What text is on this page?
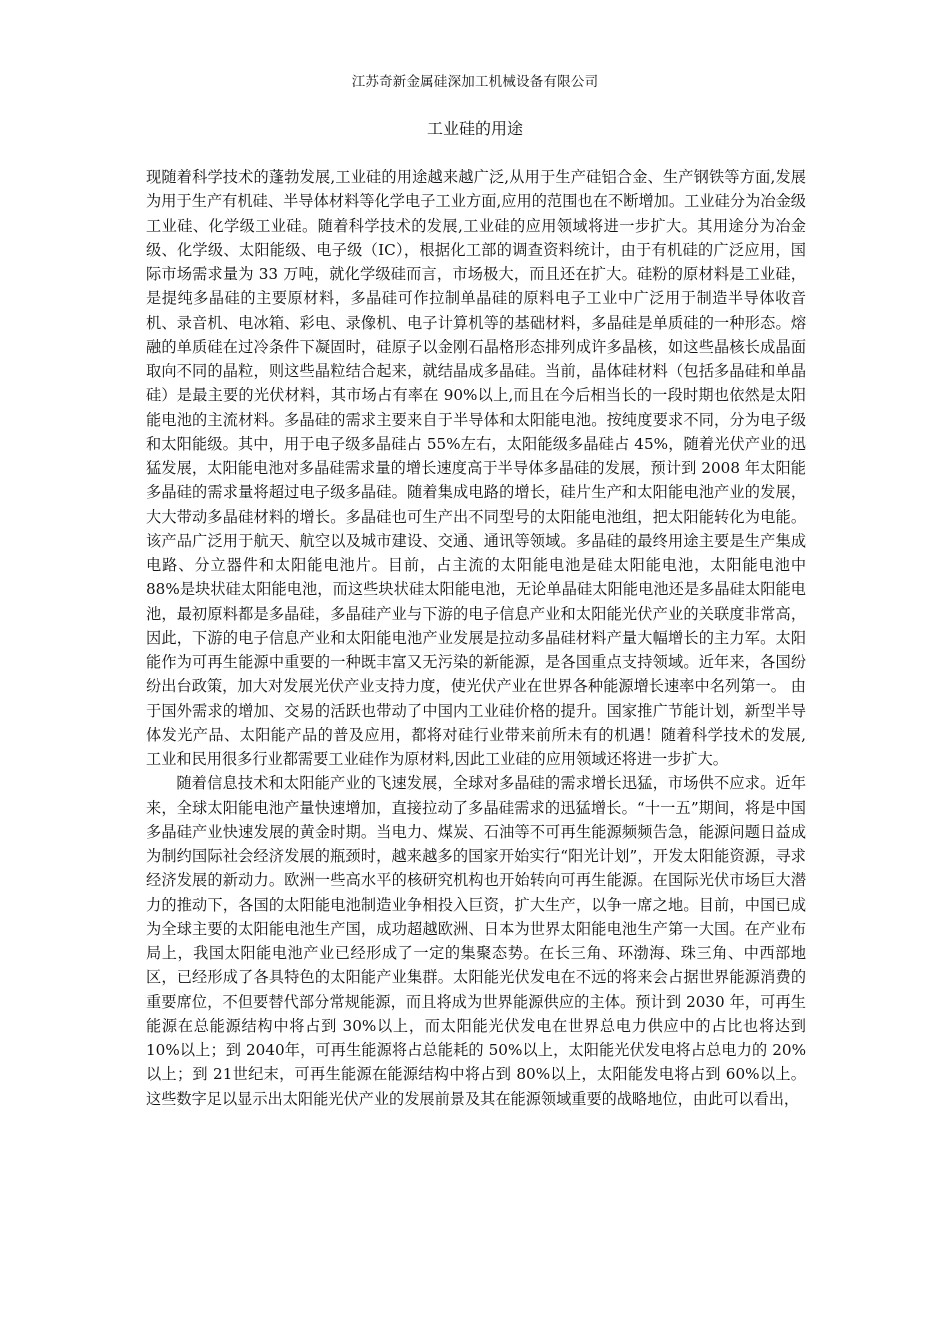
江苏奇新金属硅深加工机械设备有限公司
工业硅的用途

现随着科学技术的蓬勃发展,工业硅的用途越来越广泛,从用于生产硅铝合金、生产钢铁等方面,发展为用于生产有机硅、半导体材料等化学电子工业方面,应用的范围也在不断增加。工业硅分为冶金级工业硅、化学级工业硅。随着科学技术的发展,工业硅的应用领域将进一步扩大。其用途分为冶金级、化学级、太阳能级、电子级（IC），根据化工部的调查资料统计，由于有机硅的广泛应用，国际市场需求量为 33 万吨，就化学级硅而言，市场极大，而且还在扩大。硅粉的原材料是工业硅，是提纯多晶硅的主要原材料，多晶硅可作拉制单晶硅的原料电子工业中广泛用于制造半导体收音机、录音机、电冰箱、彩电、录像机、电子计算机等的基础材料，多晶硅是单质硅的一种形态。熔融的单质硅在过冷条件下凝固时，硅原子以金刚石晶格形态排列成许多晶核，如这些晶核长成晶面取向不同的晶粒，则这些晶粒结合起来，就结晶成多晶硅。当前，晶体硅材料（包括多晶硅和单晶硅）是最主要的光伏材料，其市场占有率在 90%以上,而且在今后相当长的一段时期也依然是太阳能电池的主流材料。多晶硅的需求主要来自于半导体和太阳能电池。按纯度要求不同，分为电子级和太阳能级。其中，用于电子级多晶硅占 55%左右，太阳能级多晶硅占 45%，随着光伏产业的迅猛发展，太阳能电池对多晶硅需求量的增长速度高于半导体多晶硅的发展，预计到 2008 年太阳能多晶硅的需求量将超过电子级多晶硅。随着集成电路的增长，硅片生产和太阳能电池产业的发展，大大带动多晶硅材料的增长。多晶硅也可生产出不同型号的太阳能电池组，把太阳能转化为电能。该产品广泛用于航天、航空以及城市建设、交通、通讯等领域。多晶硅的最终用途主要是生产集成电路、分立器件和太阳能电池片。目前，占主流的太阳能电池是硅太阳能电池，太阳能电池中 88%是块状硅太阳能电池，而这些块状硅太阳能电池，无论单晶硅太阳能电池还是多晶硅太阳能电池，最初原料都是多晶硅，多晶硅产业与下游的电子信息产业和太阳能光伏产业的关联度非常高，因此，下游的电子信息产业和太阳能电池产业发展是拉动多晶硅材料产量大幅增长的主力军。太阳能作为可再生能源中重要的一种既丰富又无污染的新能源，是各国重点支持领域。近年来，各国纷纷出台政策，加大对发展光伏产业支持力度，使光伏产业在世界各种能源增长速率中名列第一。 由于国外需求的增加、交易的活跃也带动了中国内工业硅价格的提升。国家推广节能计划，新型半导体发光产品、太阳能产品的普及应用，都将对硅行业带来前所未有的机遇！随着科学技术的发展, 工业和民用很多行业都需要工业硅作为原材料,因此工业硅的应用领域还将进一步扩大。

随着信息技术和太阳能产业的飞速发展，全球对多晶硅的需求增长迅猛，市场供不应求。近年来，全球太阳能电池产量快速增加，直接拉动了多晶硅需求的迅猛增长。“十一五”期间，将是中国多晶硅产业快速发展的黄金时期。当电力、煤炭、石油等不可再生能源频频告急，能源问题日益成为制约国际社会经济发展的瓶颈时，越来越多的国家开始实行“阳光计划”，开发太阳能资源，寻求经济发展的新动力。欧洲一些高水平的核研究机构也开始转向可再生能源。在国际光伏市场巨大潜力的推动下，各国的太阳能电池制造业争相投入巨资，扩大生产，以争一席之地。目前，中国已成为全球主要的太阳能电池生产国，成功超越欧洲、日本为世界太阳能电池生产第一大国。在产业布局上，我国太阳能电池产业已经形成了一定的集聚态势。在长三角、环渤海、珠三角、中西部地区，已经形成了各具特色的太阳能产业集群。太阳能光伏发电在不远的将来会占据世界能源消费的重要席位，不但要替代部分常规能源，而且将成为世界能源供应的主体。预计到 2030 年，可再生能源在总能源结构中将占到 30%以上，而太阳能光伏发电在世界总电力供应中的占比也将达到 10%以上；到 2040年，可再生能源将占总能耗的 50%以上，太阳能光伏发电将占总电力的 20%以上；到 21世纪末，可再生能源在能源结构中将占到 80%以上，太阳能发电将占到 60%以上。这些数字足以显示出太阳能光伏产业的发展前景及其在能源领域重要的战略地位，由此可以看出，
